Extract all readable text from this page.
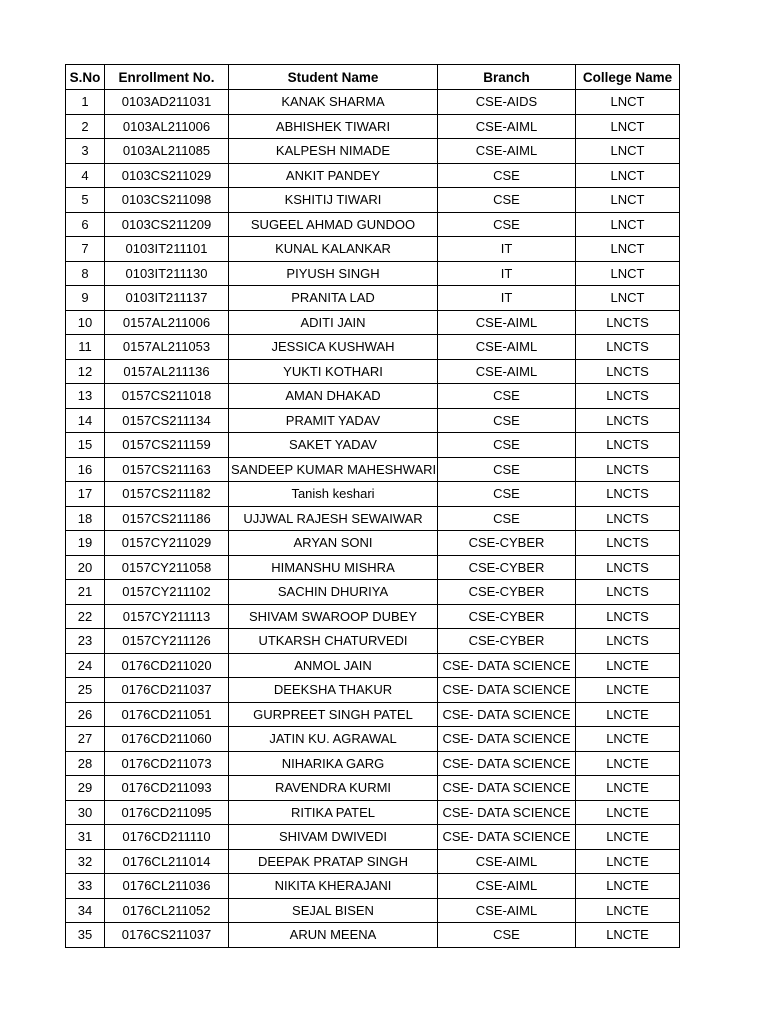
S.No	Enrollment No.	Student Name	Branch	College Name
1	0103AD211031	KANAK SHARMA	CSE-AIDS	LNCT
2	0103AL211006	ABHISHEK TIWARI	CSE-AIML	LNCT
3	0103AL211085	KALPESH NIMADE	CSE-AIML	LNCT
4	0103CS211029	ANKIT PANDEY	CSE	LNCT
5	0103CS211098	KSHITIJ TIWARI	CSE	LNCT
6	0103CS211209	SUGEEL AHMAD GUNDOO	CSE	LNCT
7	0103IT211101	KUNAL KALANKAR	IT	LNCT
8	0103IT211130	PIYUSH SINGH	IT	LNCT
9	0103IT211137	PRANITA LAD	IT	LNCT
10	0157AL211006	ADITI JAIN	CSE-AIML	LNCTS
11	0157AL211053	JESSICA KUSHWAH	CSE-AIML	LNCTS
12	0157AL211136	YUKTI KOTHARI	CSE-AIML	LNCTS
13	0157CS211018	AMAN DHAKAD	CSE	LNCTS
14	0157CS211134	PRAMIT YADAV	CSE	LNCTS
15	0157CS211159	SAKET YADAV	CSE	LNCTS
16	0157CS211163	SANDEEP KUMAR MAHESHWARI	CSE	LNCTS
17	0157CS211182	Tanish keshari	CSE	LNCTS
18	0157CS211186	UJJWAL RAJESH SEWAIWAR	CSE	LNCTS
19	0157CY211029	ARYAN SONI	CSE-CYBER	LNCTS
20	0157CY211058	HIMANSHU MISHRA	CSE-CYBER	LNCTS
21	0157CY211102	SACHIN DHURIYA	CSE-CYBER	LNCTS
22	0157CY211113	SHIVAM SWAROOP DUBEY	CSE-CYBER	LNCTS
23	0157CY211126	UTKARSH CHATURVEDI	CSE-CYBER	LNCTS
24	0176CD211020	ANMOL JAIN	CSE- DATA SCIENCE	LNCTE
25	0176CD211037	DEEKSHA THAKUR	CSE- DATA SCIENCE	LNCTE
26	0176CD211051	GURPREET SINGH PATEL	CSE- DATA SCIENCE	LNCTE
27	0176CD211060	JATIN KU. AGRAWAL	CSE- DATA SCIENCE	LNCTE
28	0176CD211073	NIHARIKA GARG	CSE- DATA SCIENCE	LNCTE
29	0176CD211093	RAVENDRA KURMI	CSE- DATA SCIENCE	LNCTE
30	0176CD211095	RITIKA PATEL	CSE- DATA SCIENCE	LNCTE
31	0176CD211110	SHIVAM DWIVEDI	CSE- DATA SCIENCE	LNCTE
32	0176CL211014	DEEPAK PRATAP SINGH	CSE-AIML	LNCTE
33	0176CL211036	NIKITA KHERAJANI	CSE-AIML	LNCTE
34	0176CL211052	SEJAL BISEN	CSE-AIML	LNCTE
35	0176CS211037	ARUN MEENA	CSE	LNCTE
